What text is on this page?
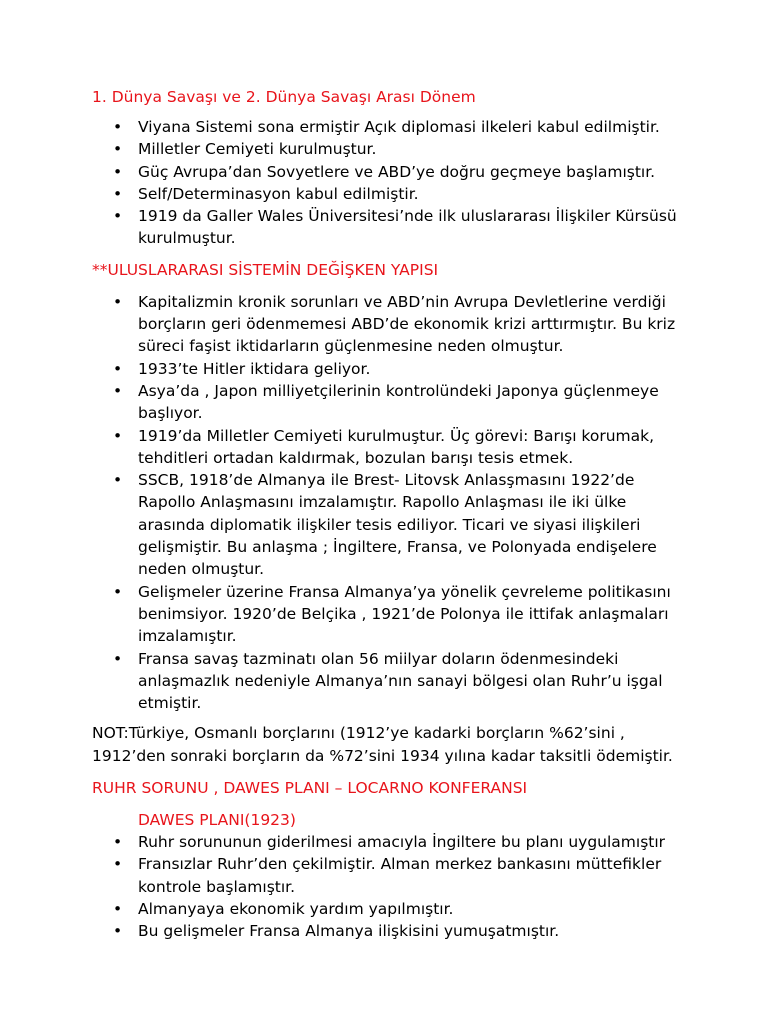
1. Dünya Savaşı ve 2. Dünya Savaşı Arası Dönem

• Viyana Sistemi sona ermiştir Açık diplomasi ilkeleri kabul edilmiştir.
• Milletler Cemiyeti kurulmuştur.
• Güç Avrupa’dan Sovyetlere ve ABD’ye doğru geçmeye başlamıştır.
• Self/Determinasyon kabul edilmiştir.
• 1919 da Galler Wales Üniversitesi’nde ilk uluslararası İlişkiler Kürsüsü kurulmuştur.

**ULUSLARARASI SİSTEMİN DEĞİŞKEN YAPISI

• Kapitalizmin kronik sorunları ve ABD’nin Avrupa Devletlerine verdiği borçların geri ödenmemesi ABD’de ekonomik krizi arttırmıştır. Bu kriz süreci faşist iktidarların güçlenmesine neden olmuştur.
• 1933’te Hitler iktidara geliyor.
• Asya’da , Japon milliyetçilerinin kontrolündeki Japonya güçlenmeye başlıyor.
• 1919’da Milletler Cemiyeti kurulmuştur. Üç görevi: Barışı korumak, tehditleri ortadan kaldırmak, bozulan barışı tesis etmek.
• SSCB, 1918’de Almanya ile Brest- Litovsk Anlasşmasını 1922’de Rapollo Anlaşmasını imzalamıştır. Rapollo Anlaşması ile iki ülke arasında diplomatik ilişkiler tesis ediliyor. Ticari ve siyasi ilişkileri gelişmiştir. Bu anlaşma ; İngiltere, Fransa, ve Polonyada endişelere neden olmuştur.
• Gelişmeler üzerine Fransa Almanya’ya yönelik çevreleme politikasını benimsiyor. 1920’de Belçika , 1921’de Polonya ile ittifak anlaşmaları imzalamıştır.
• Fransa savaş tazminatı olan 56 miilyar doların ödenmesindeki anlaşmazlık nedeniyle Almanya’nın sanayi bölgesi olan Ruhr’u işgal etmiştir.

NOT:Türkiye, Osmanlı borçlarını (1912’ye kadarki borçların %62’sini , 1912’den sonraki borçların da %72’sini 1934 yılına kadar taksitli ödemiştir.

RUHR SORUNU , DAWES PLANI – LOCARNO KONFERANSI

DAWES PLANI(1923)

• Ruhr sorununun giderilmesi amacıyla İngiltere bu planı uygulamıştır
• Fransızlar Ruhr’den çekilmiştir. Alman merkez bankasını müttefikler kontrole başlamıştır.
• Almanyaya ekonomik yardım yapılmıştır.
• Bu gelişmeler Fransa Almanya ilişkisini yumuşatmıştır.
